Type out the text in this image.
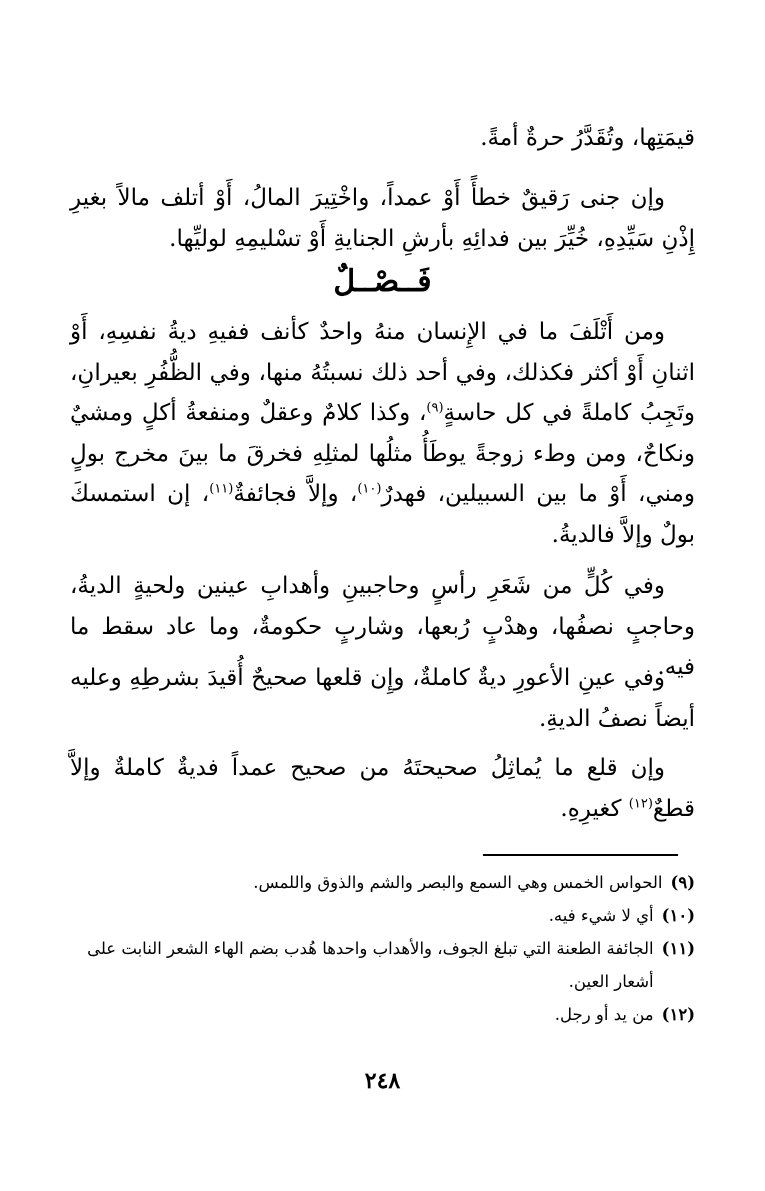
قيمَتِها، وتُقَدَّرُ حرةٌ أمةً.
وإن جنى رَقيقٌ خطأً أَوْ عمداً، واخْتِيرَ المالُ، أَوْ أتلف مالاً بغيرِ إِذْنِ سَيِّدِهِ، خُيِّرَ بين فدائِهِ بأرشِ الجنايةِ أَوْ تسْليمِهِ لوليِّها.
فَــصْــلٌ
ومن أَتْلَفَ ما في الإِنسان منهُ واحدٌ كأنف ففيهِ ديةُ نفسِهِ، أَوْ اثنانِ أَوْ أكثر فكذلك، وفي أحد ذلك نسبتُهُ منها، وفي الظُّفُرِ بعيرانِ، وتَجِبُ كاملةً في كل حاسةٍ$^{(٩)}$، وكذا كلامٌ وعقلٌ ومنفعةُ أكلٍ ومشيٌ ونكاحٌ، ومن وطء زوجةً يوطَأُ مثلُها لمثلِهِ فخرقَ ما بينَ مخرج بولٍ ومني، أَوْ ما بين السبيلين، فهدرٌ$^{(١٠)}$، وإلاَّ فجائفةٌ$^{(١١)}$، إن استمسكَ بولٌ وإلاَّ فالديةُ.
وفي كُلٍّ من شَعَرِ رأسٍ وحاجبينِ وأهدابِ عينين ولحيةٍ الديةُ، وحاجبٍ نصفُها، وهدْبٍ رُبعها، وشاربٍ حكومةٌ، وما عاد سقط ما فيه.
وفي عينِ الأعورِ ديةٌ كاملةٌ، وإِن قلعها صحيحٌ أُقيدَ بشرطِهِ وعليه أيضاً نصفُ الديةِ.
وإن قلع ما يُماثِلُ صحيحتَهُ من صحيح عمداً فديةٌ كاملةٌ وإلاَّ قطعٌ$^{(١٢)}$ كغيرِهِ.
(٩)
الحواس الخمس وهي السمع والبصر والشم والذوق واللمس.
(١٠)
أي لا شيء فيه.
(١١)
الجائفة الطعنة التي تبلغ الجوف، والأهداب واحدها هُدب بضم الهاء الشعر النابت على أشعار العين.
(١٢)
من يد أو رجل.
٢٤٨
